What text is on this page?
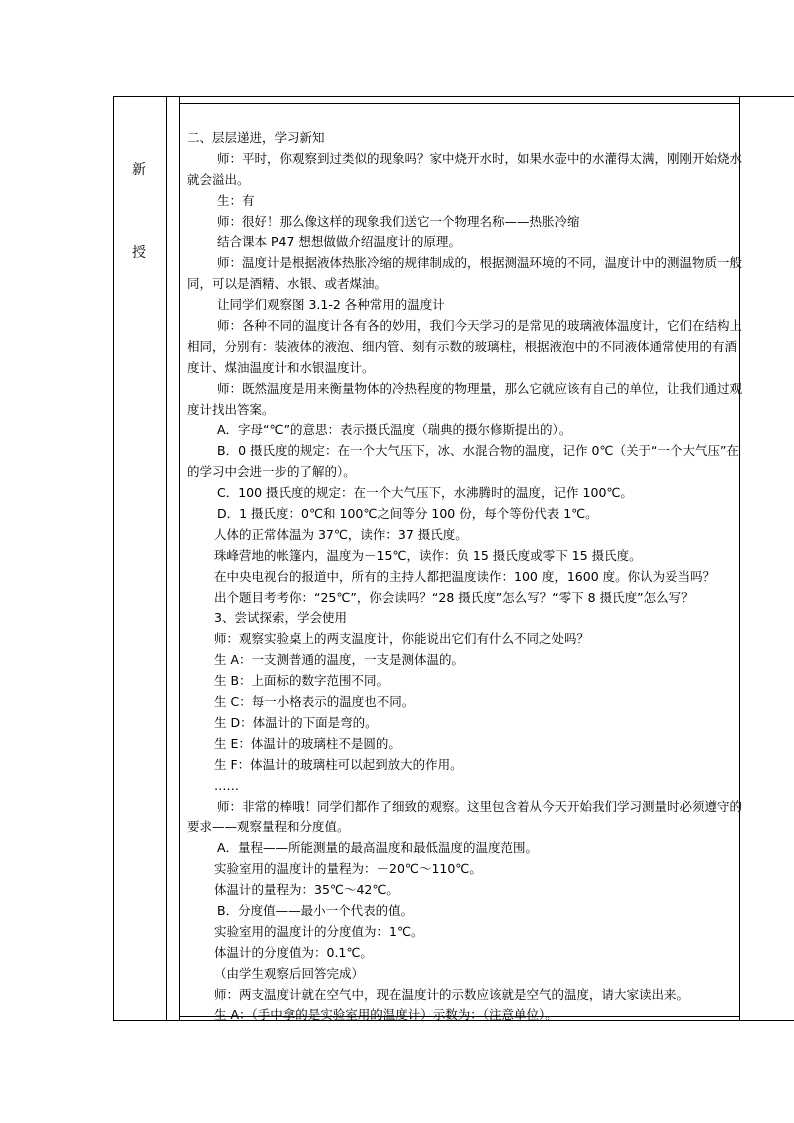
新
授
二、层层递进，学习新知
师：平时，你观察到过类似的现象吗？家中烧开水时，如果水壶中的水灌得太满，刚刚开始烧水
就会溢出。
生：有
师：很好！那么像这样的现象我们送它一个物理名称——热胀冷缩
结合课本 P47 想想做做介绍温度计的原理。
师：温度计是根据液体热胀冷缩的规律制成的，根据测温环境的不同，温度计中的测温物质一般
同，可以是酒精、水银、或者煤油。
让同学们观察图 3.1-2 各种常用的温度计
师：各种不同的温度计各有各的妙用，我们今天学习的是常见的玻璃液体温度计，它们在结构上
相同，分别有：装液体的液泡、细内管、刻有示数的玻璃柱，根据液泡中的不同液体通常使用的有酒
度计、煤油温度计和水银温度计。
师：既然温度是用来衡量物体的冷热程度的物理量，那么它就应该有自己的单位，让我们通过观
度计找出答案。
A．字母“℃”的意思：表示摄氏温度（瑞典的摄尔修斯提出的）。
B．0 摄氏度的规定：在一个大气压下，冰、水混合物的温度，记作 0℃（关于“一个大气压”在
的学习中会进一步的了解的）。
C．100 摄氏度的规定：在一个大气压下，水沸腾时的温度，记作 100℃。
D．1 摄氏度：0℃和 100℃之间等分 100 份，每个等份代表 1℃。
人体的正常体温为 37℃，读作：37 摄氏度。
珠峰营地的帐篷内，温度为－15℃，读作：负 15 摄氏度或零下 15 摄氏度。
在中央电视台的报道中，所有的主持人都把温度读作：100 度，1600 度。你认为妥当吗？
出个题目考考你：“25℃”，你会读吗？“28 摄氏度”怎么写？“零下 8 摄氏度”怎么写？
3、尝试探索，学会使用
师：观察实验桌上的两支温度计，你能说出它们有什么不同之处吗？
生 A：一支测普通的温度，一支是测体温的。
生 B：上面标的数字范围不同。
生 C：每一小格表示的温度也不同。
生 D：体温计的下面是弯的。
生 E：体温计的玻璃柱不是圆的。
生 F：体温计的玻璃柱可以起到放大的作用。
……
师：非常的棒哦！同学们都作了细致的观察。这里包含着从今天开始我们学习测量时必须遵守的
要求——观察量程和分度值。
A．量程——所能测量的最高温度和最低温度的温度范围。
实验室用的温度计的量程为：－20℃～110℃。
体温计的量程为：35℃～42℃。
B．分度值——最小一个代表的值。
实验室用的温度计的分度值为：1℃。
体温计的分度值为：0.1℃。
（由学生观察后回答完成）
师：两支温度计就在空气中，现在温度计的示数应该就是空气的温度，请大家读出来。
生 A：（手中拿的是实验室用的温度计）示数为：（注意单位）。
